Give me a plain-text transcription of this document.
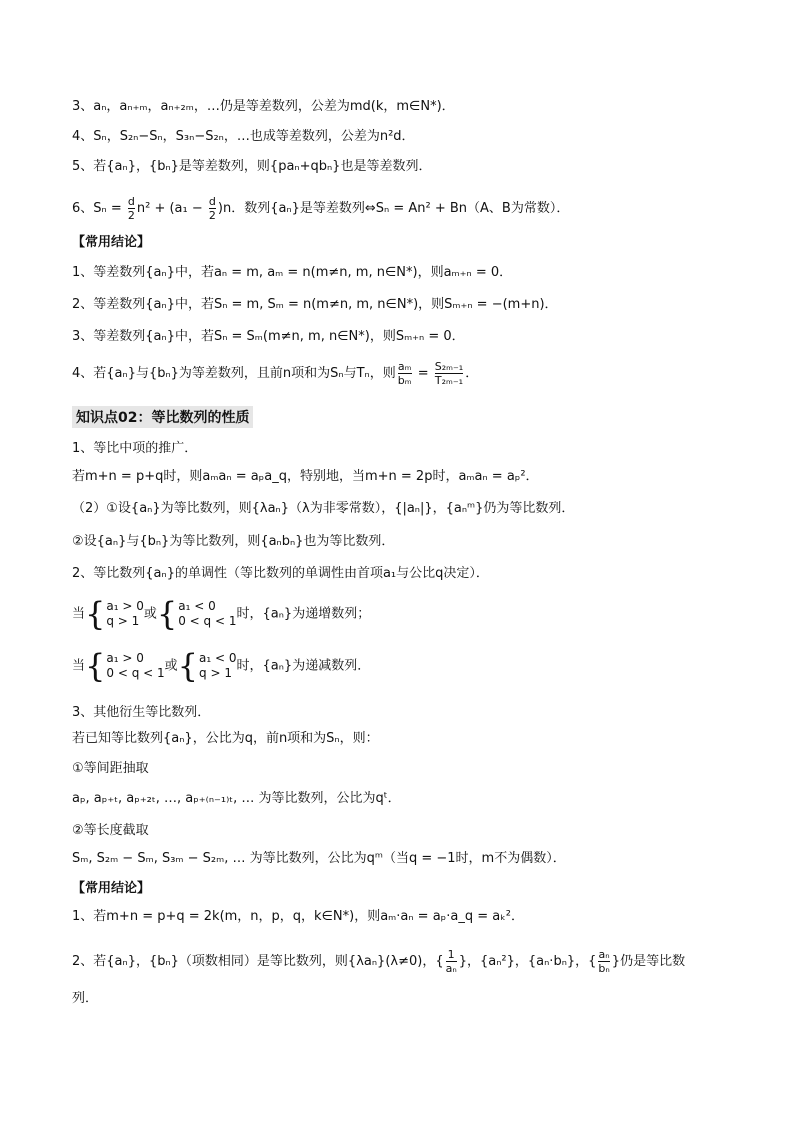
3、aₙ，aₙ₊ₘ，aₙ₊₂ₘ，…仍是等差数列，公差为md(k，m∈N*)．
4、Sₙ，S₂ₙ−Sₙ，S₃ₙ−S₂ₙ，…也成等差数列，公差为n²d．
5、若{aₙ}，{bₙ}是等差数列，则{paₙ+qbₙ}也是等差数列．
6、$S_n = \frac{d}{2} n^2 + (a_1 - \frac{d}{2} )n$．数列{aₙ}是等差数列⇔Sₙ = An² + Bn（A、B为常数）．
【常用结论】
1、等差数列{aₙ}中，若aₙ = m, aₘ = n(m≠n, m, n∈N*)，则aₘ₊ₙ = 0．
2、等差数列{aₙ}中，若Sₙ = m, Sₘ = n(m≠n, m, n∈N*)，则Sₘ₊ₙ = −(m+n)．
3、等差数列{aₙ}中，若Sₙ = Sₘ(m≠n, m, n∈N*)，则Sₘ₊ₙ = 0．
4、若{aₙ}与{bₙ}为等差数列，且前n项和为Sₙ与Tₙ，则 $\frac{\text{aₘ}}{\text{bₘ}} = \frac{\text{S₂ₘ₋₁}}{\text{T₂ₘ₋₁}}$ ．
知识点02：等比数列的性质
1、等比中项的推广．
若m+n = p+q时，则aₘaₙ = aₚa_q，特别地，当m+n = 2p时，aₘaₙ = aₚ²．
（2）①设{aₙ}为等比数列，则{λaₙ}（λ为非零常数），{|aₙ|}，{aₙᵐ}仍为等比数列．
②设{aₙ}与{bₙ}为等比数列，则{aₙbₙ}也为等比数列．
2、等比数列{aₙ}的单调性（等比数列的单调性由首项a₁与公比q决定）．
当 { a₁ > 0
q > 1 或 { a₁ < 0
0 < q < 1 时，{aₙ}为递增数列；
当 { a₁ > 0
0 < q < 1 或 { a₁ < 0
q > 1 时，{aₙ}为递减数列．
3、其他衍生等比数列．
若已知等比数列{aₙ}，公比为q，前n项和为Sₙ，则：
①等间距抽取
aₚ, aₚ₊ₜ, aₚ₊₂ₜ, …, aₚ₊₍ₙ₋₁₎ₜ, … 为等比数列，公比为qᵗ．
②等长度截取
Sₘ, S₂ₘ − Sₘ, S₃ₘ − S₂ₘ, … 为等比数列，公比为qᵐ（当q = −1时，m不为偶数）．
【常用结论】
1、若m+n = p+q = 2k(m，n，p，q，k∈N*)，则aₘ·aₙ = aₚ·a_q = aₖ²．
2、若{aₙ}，{bₙ}（项数相同）是等比数列，则{λaₙ}(λ≠0)，{ $\frac{1}{\text{aₙ}}$ }，{aₙ²}，{aₙ·bₙ}，{ $\frac{\text{aₙ}}{\text{bₙ}}$ }仍是等比数
列．
